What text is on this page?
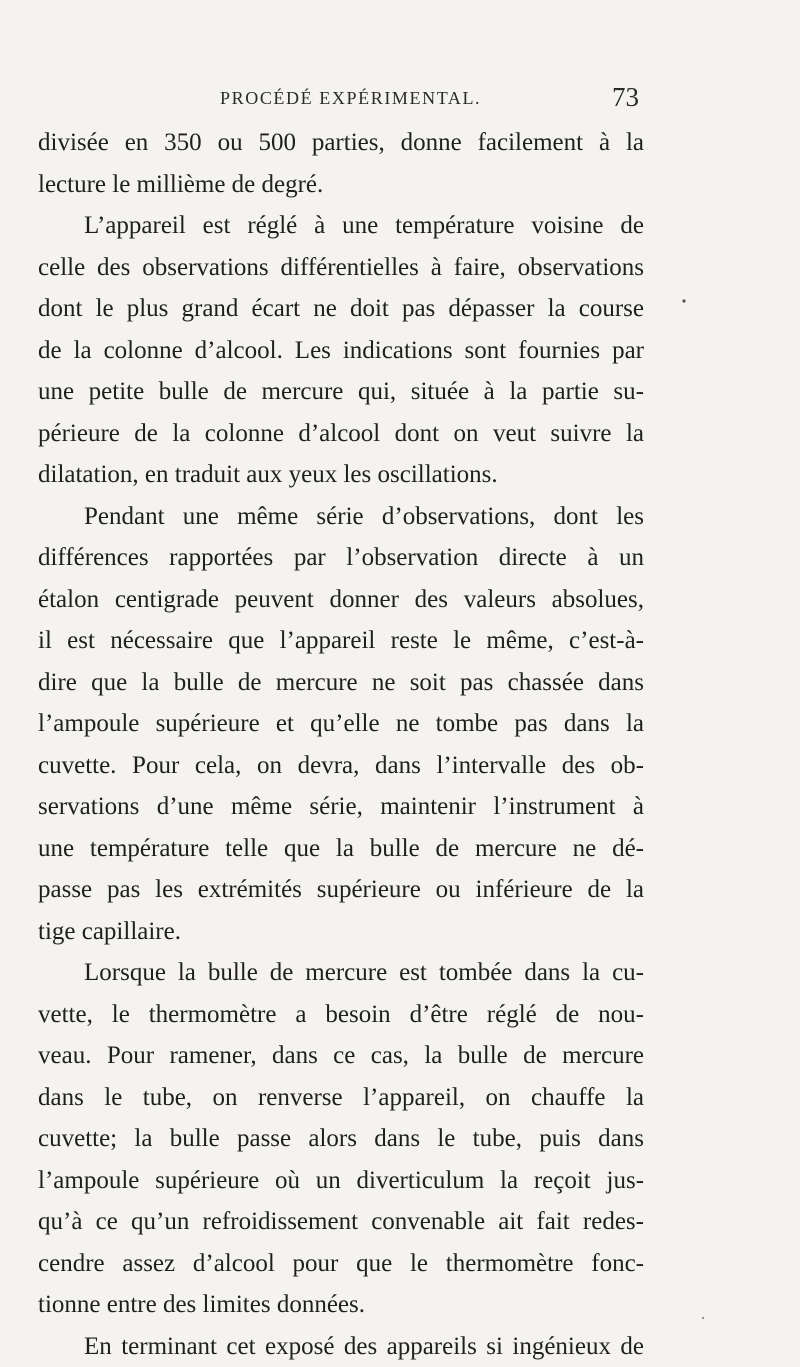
PROCÉDÉ EXPÉRIMENTAL.	73
divisée en 350 ou 500 parties, donne facilement à la
lecture le millième de degré.
L’appareil est réglé à une température voisine de
celle des observations différentielles à faire, observations
dont le plus grand écart ne doit pas dépasser la course
de la colonne d’alcool. Les indications sont fournies par
une petite bulle de mercure qui, située à la partie su-
périeure de la colonne d’alcool dont on veut suivre la
dilatation, en traduit aux yeux les oscillations.
Pendant une même série d’observations, dont les
différences rapportées par l’observation directe à un
étalon centigrade peuvent donner des valeurs absolues,
il est nécessaire que l’appareil reste le même, c’est-à-
dire que la bulle de mercure ne soit pas chassée dans
l’ampoule supérieure et qu’elle ne tombe pas dans la
cuvette. Pour cela, on devra, dans l’intervalle des ob-
servations d’une même série, maintenir l’instrument à
une température telle que la bulle de mercure ne dé-
passe pas les extrémités supérieure ou inférieure de la
tige capillaire.
Lorsque la bulle de mercure est tombée dans la cu-
vette, le thermomètre a besoin d’être réglé de nou-
veau. Pour ramener, dans ce cas, la bulle de mercure
dans le tube, on renverse l’appareil, on chauffe la
cuvette; la bulle passe alors dans le tube, puis dans
l’ampoule supérieure où un diverticulum la reçoit jus-
qu’à ce qu’un refroidissement convenable ait fait redes-
cendre assez d’alcool pour que le thermomètre fonc-
tionne entre des limites données.
En terminant cet exposé des appareils si ingénieux de
